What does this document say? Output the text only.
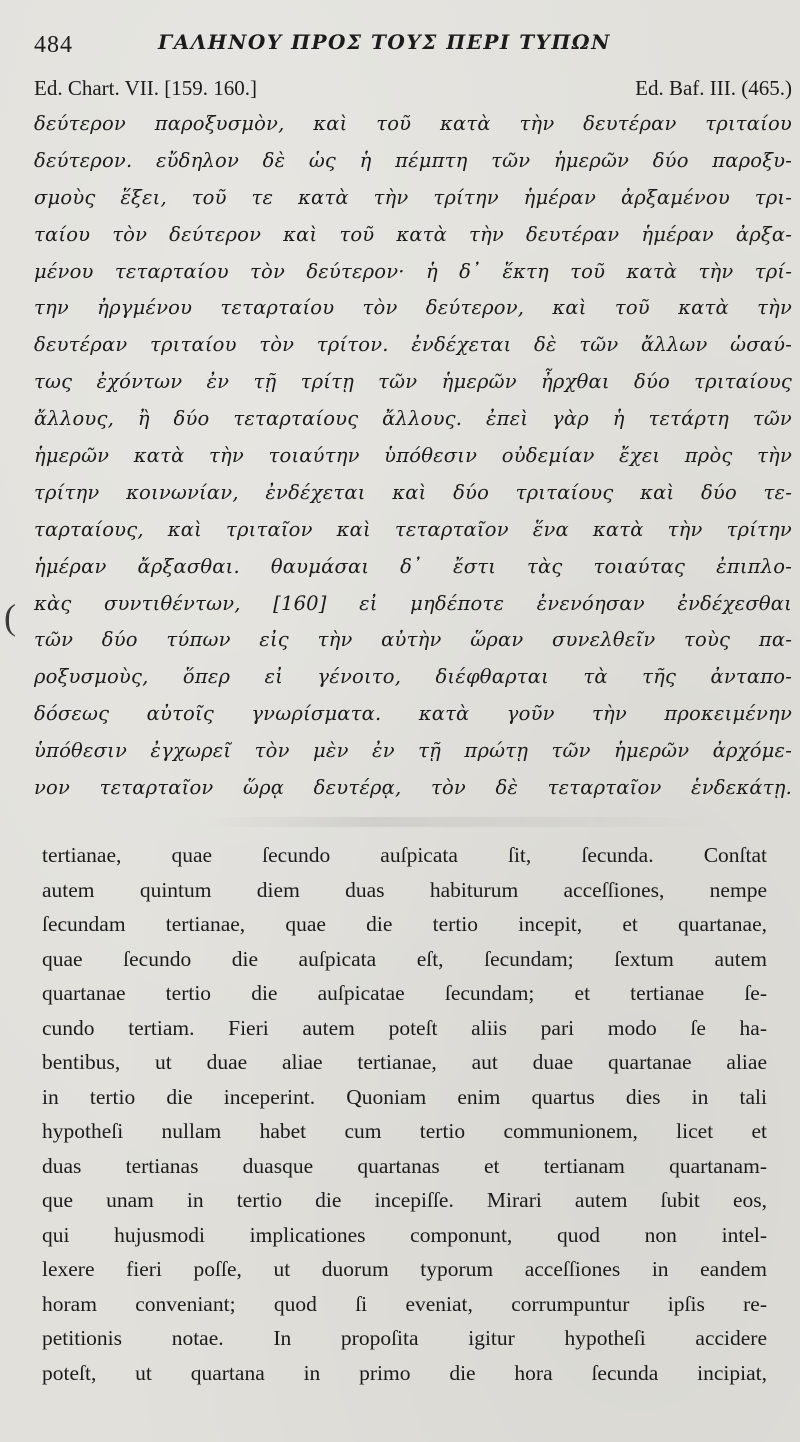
484	ΓΑΛΗΝΟΥ ΠΡΟΣ ΤΟΥΣ ΠΕΡΙ ΤΥΠΩΝ
Ed. Chart. VII. [159. 160.]	Ed. Baf. III. (465.)
δεύτερον παροξυσμὸν, καὶ τοῦ κατὰ τὴν δευτέραν τριταίου
δεύτερον. εὔδηλον δὲ ὡς ἡ πέμπτη τῶν ἡμερῶν δύο παροξυ-
σμοὺς ἕξει, τοῦ τε κατὰ τὴν τρίτην ἡμέραν ἀρξαμένου τρι-
ταίου τὸν δεύτερον καὶ τοῦ κατὰ τὴν δευτέραν ἡμέραν ἀρξα-
μένου τεταρταίου τὸν δεύτερον· ἡ δ᾽ ἕκτη τοῦ κατὰ τὴν τρί-
την ἠργμένου τεταρταίου τὸν δεύτερον, καὶ τοῦ κατὰ τὴν
δευτέραν τριταίου τὸν τρίτον. ἐνδέχεται δὲ τῶν ἄλλων ὡσαύ-
τως ἐχόντων ἐν τῇ τρίτῃ τῶν ἡμερῶν ἦρχθαι δύο τριταίους
ἄλλους, ἢ δύο τεταρταίους ἄλλους. ἐπεὶ γὰρ ἡ τετάρτη τῶν
ἡμερῶν κατὰ τὴν τοιαύτην ὑπόθεσιν οὐδεμίαν ἔχει πρὸς τὴν
τρίτην κοινωνίαν, ἐνδέχεται καὶ δύο τριταίους καὶ δύο τε-
ταρταίους, καὶ τριταῖον καὶ τεταρταῖον ἕνα κατὰ τὴν τρίτην
ἡμέραν ἄρξασθαι. θαυμάσαι δ᾽ ἔστι τὰς τοιαύτας ἐπιπλο-
κὰς συντιθέντων, [160] εἰ μηδέποτε ἐνενόησαν ἐνδέχεσθαι
τῶν δύο τύπων εἰς τὴν αὐτὴν ὥραν συνελθεῖν τοὺς πα-
ροξυσμοὺς, ὅπερ εἰ γένοιτο, διέφθαρται τὰ τῆς ἀνταπο-
δόσεως αὐτοῖς γνωρίσματα. κατὰ γοῦν τὴν προκειμένην
ὑπόθεσιν ἐγχωρεῖ τὸν μὲν ἐν τῇ πρώτῃ τῶν ἡμερῶν ἀρχόμε-
νον τεταρταῖον ὥρᾳ δευτέρᾳ, τὸν δὲ τεταρταῖον ἑνδεκάτῃ.
(
tertianae, quae ſecundo auſpicata ſit, ſecunda. Conſtat
autem quintum diem duas habiturum acceſſiones, nempe
ſecundam tertianae, quae die tertio incepit, et quartanae,
quae ſecundo die auſpicata eſt, ſecundam; ſextum autem
quartanae tertio die auſpicatae ſecundam; et tertianae ſe-
cundo tertiam. Fieri autem poteſt aliis pari modo ſe ha-
bentibus, ut duae aliae tertianae, aut duae quartanae aliae
in tertio die inceperint. Quoniam enim quartus dies in tali
hypotheſi nullam habet cum tertio communionem, licet et
duas tertianas duasque quartanas et tertianam quartanam-
que unam in tertio die incepiſſe. Mirari autem ſubit eos,
qui hujusmodi implicationes componunt, quod non intel-
lexere fieri poſſe, ut duorum typorum acceſſiones in eandem
horam conveniant; quod ſi eveniat, corrumpuntur ipſis re-
petitionis notae. In propoſita igitur hypotheſi accidere
poteſt, ut quartana in primo die hora ſecunda incipiat,
